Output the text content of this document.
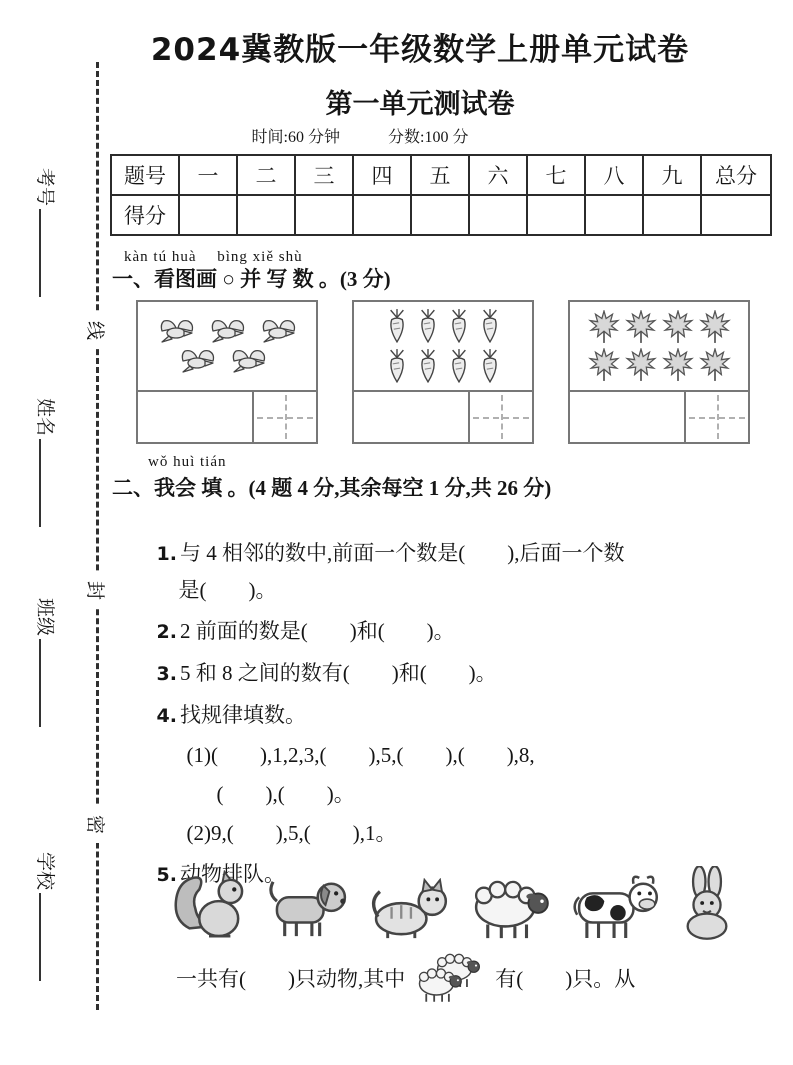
考号
线
姓名
封
班级
密
学校
2024冀教版一年级数学上册单元试卷
第一单元测试卷
时间:60 分钟	分数:100 分
题号	一	二	三	四	五	六	七	八	九	总分
得分										
kàn tú huà　 bìng xiě shù
一、看图画 ○ 并 写 数 。(3 分)
wǒ huì tián
二、我会 填 。(4 题 4 分,其余每空 1 分,共 26 分)

1. 与 4 相邻的数中,前面一个数是(　　),后面一个数

是(　　)。

2. 2 前面的数是(　　)和(　　)。

3. 5 和 8 之间的数有(　　)和(　　)。

4. 找规律填数。

(1)(　　),1,2,3,(　　),5,(　　),(　　),8,

(　　),(　　)。

(2)9,(　　),5,(　　),1。

5. 动物排队。

一共有(　　)只动物,其中	有(　　)只。从
